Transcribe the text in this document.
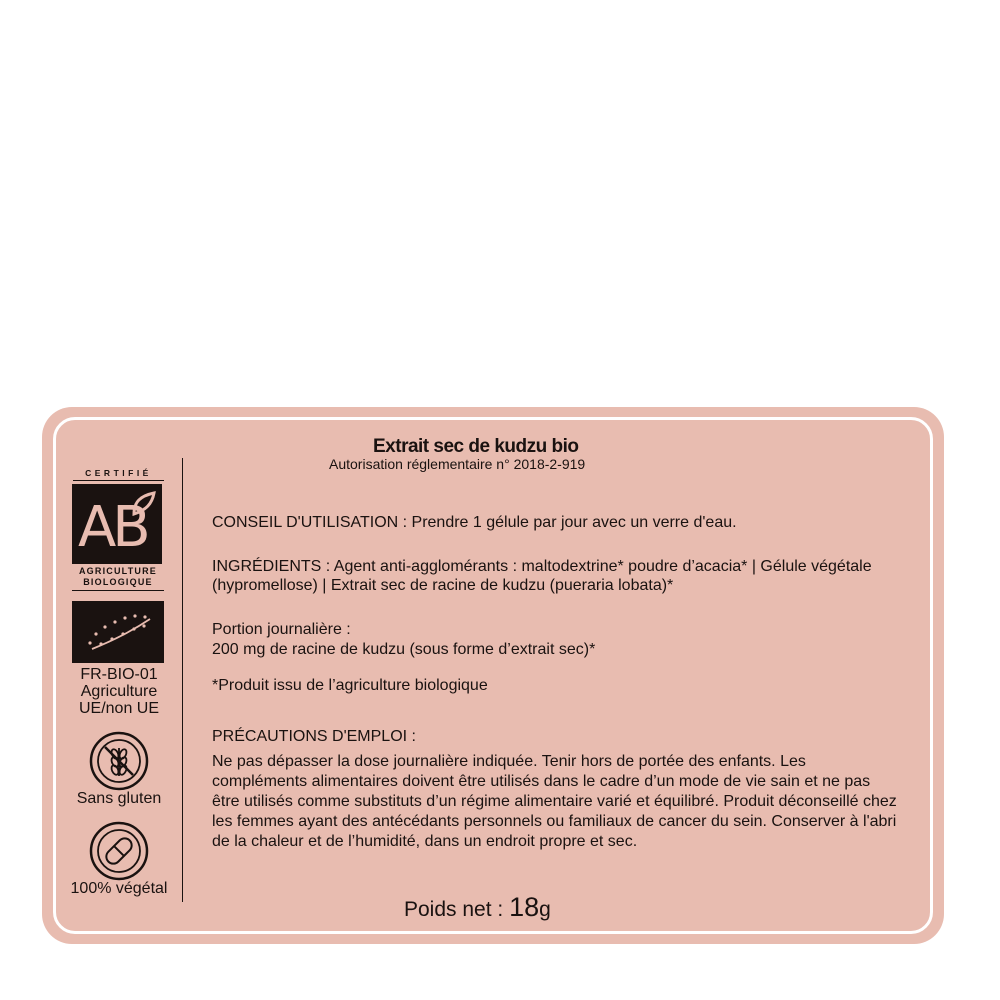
CERTIFIÉ
AB
AGRICULTURE
BIOLOGIQUE
FR-BIO-01
Agriculture
UE/non UE
Sans gluten
100% végétal
Extrait sec de kudzu bio
Autorisation réglementaire n° 2018-2-919
CONSEIL D'UTILISATION : Prendre 1 gélule par jour avec un verre d'eau.
INGRÉDIENTS : Agent anti-agglomérants : maltodextrine* poudre d’acacia* | Gélule végétale (hypromellose) | Extrait sec de racine de kudzu (pueraria lobata)*
Portion journalière :
200 mg de racine de kudzu (sous forme d’extrait sec)*
*Produit issu de l’agriculture biologique
PRÉCAUTIONS D'EMPLOI :
Ne pas dépasser la dose journalière indiquée. Tenir hors de portée des enfants. Les compléments alimentaires doivent être utilisés dans le cadre d’un mode de vie sain et ne pas être utilisés comme substituts d’un régime alimentaire varié et équilibré. Produit déconseillé chez les femmes ayant des antécédants personnels ou familiaux de cancer du sein. Conserver à l'abri de la chaleur et de l’humidité, dans un endroit propre et sec.
Poids net : 18g
